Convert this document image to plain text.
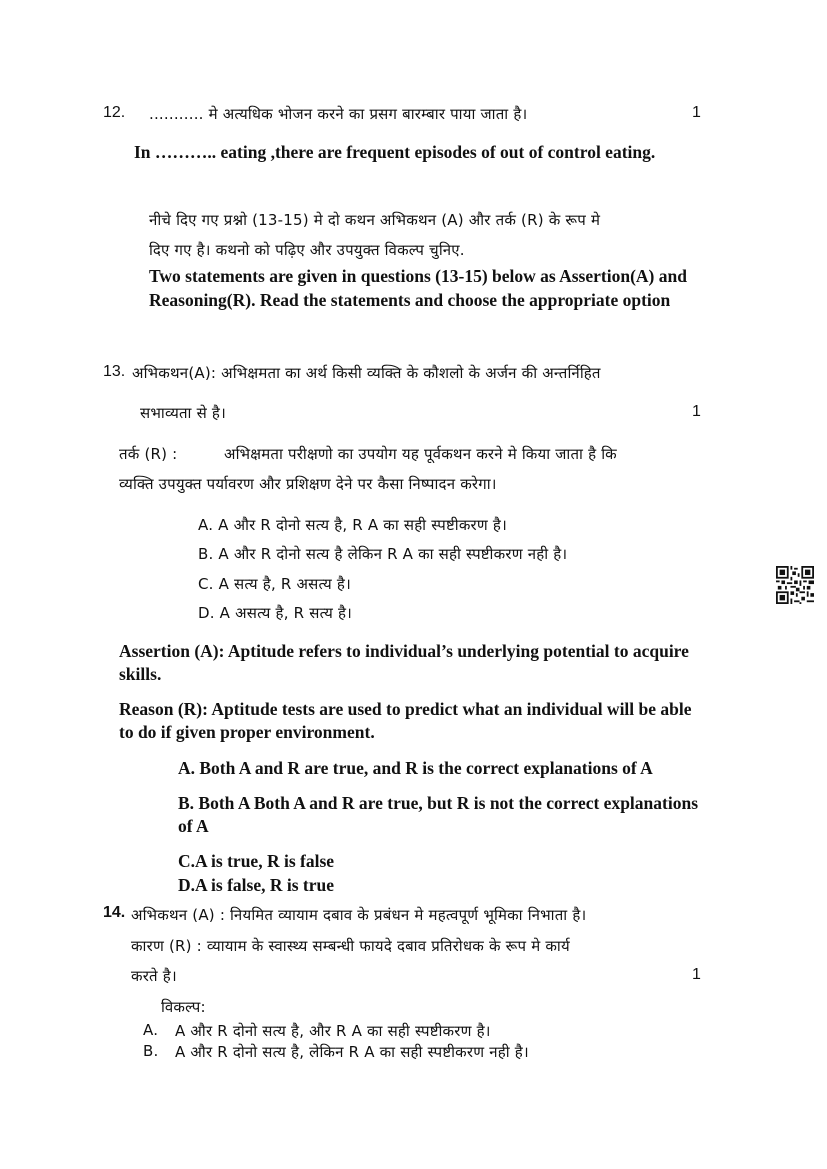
12. ........... मे अत्यधिक भोजन करने का प्रसग बारम्बार पाया जाता है।	1
In ……….. eating ,there are frequent episodes of out of control eating.
नीचे दिए गए प्रश्नो (13-15) मे दो कथन अभिकथन (A) और तर्क (R) के रूप मे
दिए गए है। कथनो को पढ़िए और उपयुक्त विकल्प चुनिए.
Two statements are given in questions (13-15) below as Assertion(A) and
Reasoning(R). Read the statements and choose the appropriate option
13. अभिकथन(A): अभिक्षमता का अर्थ किसी व्यक्ति के कौशलो के अर्जन की अन्तर्निहित
सभाव्यता से है।	1
तर्क (R) :	अभिक्षमता परीक्षणो का उपयोग यह पूर्वकथन करने मे किया जाता है कि
व्यक्ति उपयुक्त पर्यावरण और प्रशिक्षण देने पर कैसा निष्पादन करेगा।
A. A और R दोनो सत्य है, R A का सही स्पष्टीकरण है।
B. A और R दोनो सत्य है लेकिन R A का सही स्पष्टीकरण नही है।
C. A सत्य है, R असत्य है।
D. A असत्य है, R सत्य है।
Assertion (A): Aptitude refers to individual’s underlying potential to acquire
skills.
Reason (R): Aptitude tests are used to predict what an individual will be able
to do if given proper environment.
A. Both A and R are true, and R is the correct explanations of A
B. Both A Both A and R are true, but R is not the correct explanations
of A
C.A is true, R is false
D.A is false, R is true
14. अभिकथन (A) : नियमित व्यायाम दबाव के प्रबंधन मे महत्वपूर्ण भूमिका निभाता है।
कारण (R) : व्यायाम के स्वास्थ्य सम्बन्धी फायदे दबाव प्रतिरोधक के रूप मे कार्य
करते है।	1
विकल्प:
A. A और R दोनो सत्य है, और R A का सही स्पष्टीकरण है।
B. A और R दोनो सत्य है, लेकिन R A का सही स्पष्टीकरण नही है।
